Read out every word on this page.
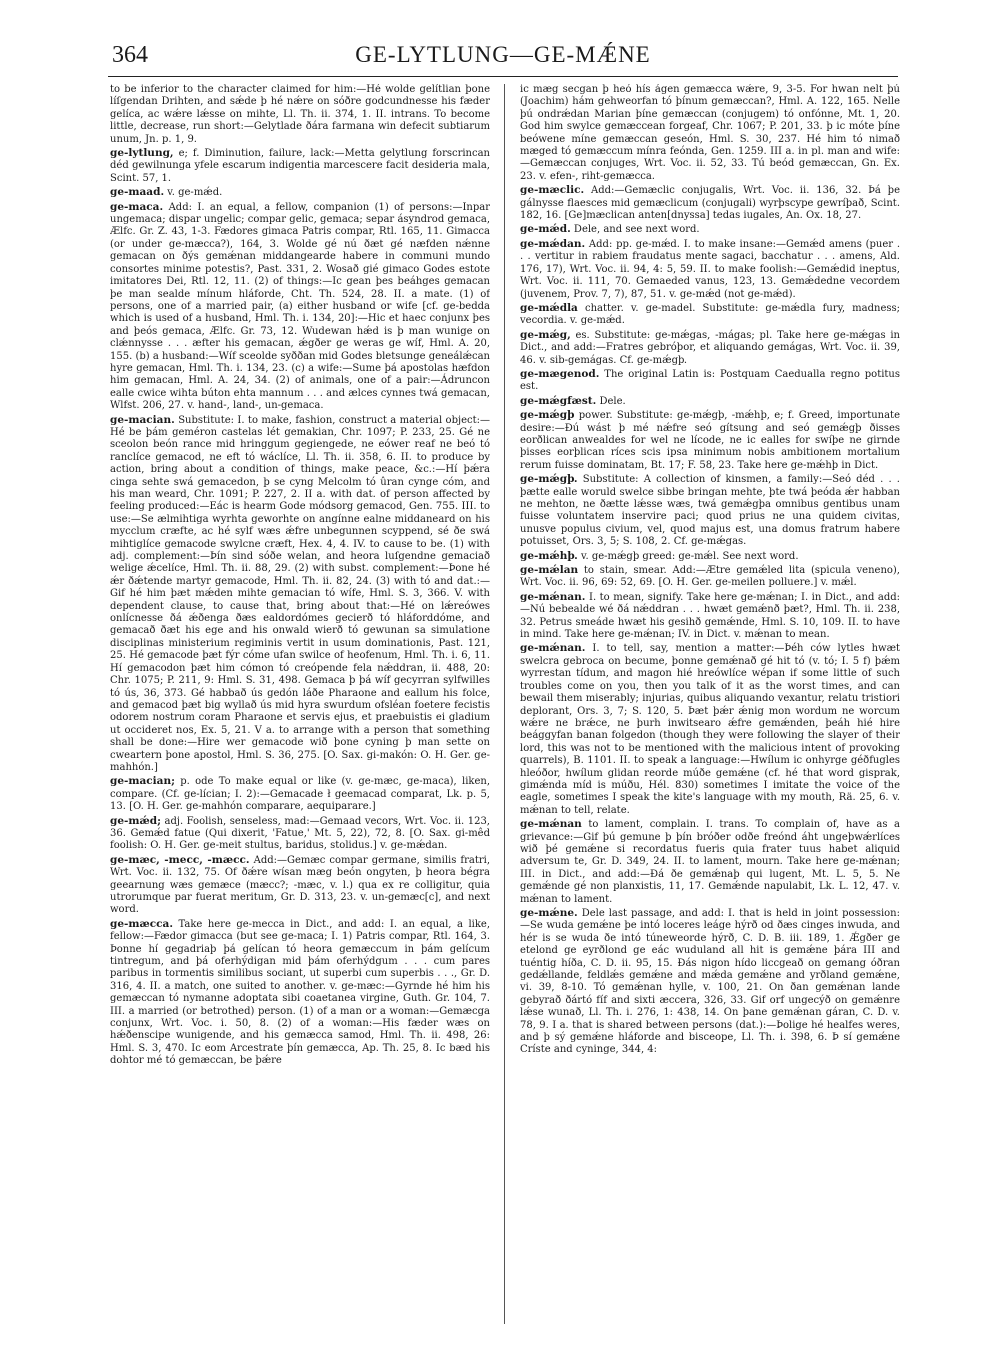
364	GE-LYTLUNG—GE-MǼNE

to be inferior to the character claimed for him:—Hé wolde gelítlian þone líſgendan Drihten, and sǽde þ hé nǽre on sóðre godcundnesse his fæder gelíca, ac wǽre lǽsse on mihte, Ll. Th. ii. 374, 1. II. intrans. To become little, decrease, run short:—Gelytlade ðára farmana win defecit subtiarum unum, Jn. p. 1, 9.

ge-lytlung, e; f. Diminution, failure, lack:—Metta gelytlung forscrincan déd gewilnunga yfele escarum indigentia marcescere facit desideria mala, Scint. 57, 1.

ge-maad. v. ge-mǽd.

ge-maca. Add: I. an equal, a fellow, companion (1) of persons:—Inpar ungemaca; dispar ungelic; compar gelic, gemaca; separ ásyndrod gemaca, Ælfc. Gr. Z. 43, 1-3. Fædores gimaca Patris compar, Rtl. 165, 11. Gimacca (or under ge-mæcca?), 164, 3. Wolde gé nú ðæt gé næfden nǽnne gemacan on ðýs gemǽnan middangearde habere in communi mundo consortes minime potestis?, Past. 331, 2. Wosað gié gimaco Godes estote imitatores Dei, Rtl. 12, 11. (2) of things:—Ic gean þes beáhges gemacan þe man sealde mínum hláforde, Cht. Th. 524, 28. II. a mate. (1) of persons, one of a married pair, (a) either husband or wife [cf. ge-bedda which is used of a husband, Hml. Th. i. 134, 20]:—Hic et haec conjunx þes and þeós gemaca, Ælfc. Gr. 73, 12. Wudewan hǽd is þ man wunige on clǽnnysse . . . æfter his gemacan, ǽgðer ge weras ge wíf, Hml. A. 20, 155. (b) a husband:—Wíf sceolde syððan mid Godes bletsunge geneálǽcan hyre gemacan, Hml. Th. i. 134, 23. (c) a wife:—Sume þá apostolas hæfdon him gemacan, Hml. A. 24, 34. (2) of animals, one of a pair:—Ádruncon ealle cwice wihta búton ehta mannum . . . and ælces cynnes twá gemacan, Wlfst. 206, 27. v. hand-, land-, un-gemaca.

ge-macian. Substitute: I. to make, fashion, construct a material object:—Hé be þám geméron castelas lét gemakian, Chr. 1097; P. 233, 25. Gé ne sceolon beón rance mid hringgum gegiengede, ne eówer reaf ne beó tó ranclíce gemacod, ne eft tó wáclíce, Ll. Th. ii. 358, 6. II. to produce by action, bring about a condition of things, make peace, &c.:—Hí þǽra cinga sehte swá gemacedon, þ se cyng Melcolm tó ûran cynge cóm, and his man weard, Chr. 1091; P. 227, 2. II a. with dat. of person affected by feeling produced:—Eác is hearm Gode módsorg gemacod, Gen. 755. III. to use:—Se ælmihtiga wyrhta geworhte on angínne ealne middaneard on his mycclum cræfte, ac hé sylf wæs ǽfre unbegunnen scyppend, sé ðe swá mihtiglíce gemacode swylcne cræft, Hex. 4, 4. IV. to cause to be. (1) with adj. complement:—Þín sind sóðe welan, and heora luſgendne gemaciað welige ǽcelíce, Hml. Th. ii. 88, 29. (2) with subst. complement:—Þone hé ǽr ðǽtende martyr gemacode, Hml. Th. ii. 82, 24. (3) with tó and dat.:—Gif hé him þæt mǽden mihte gemacian tó wífe, Hml. S. 3, 366. V. with dependent clause, to cause that, bring about that:—Hé on lǽreówes onlícnesse ðá ǽðenga ðæs ealdordómes gecierð tó hláforddóme, and gemacað ðæt his ege and his onwald wierð tó gewunan sa simulatione disciplinas ministerium regiminis vertit in usum dominationis, Past. 121, 25. Hé gemacode þæt fýr cóme ufan swilce of heofenum, Hml. Th. i. 6, 11. Hí gemacodon þæt him cómon tó creópende fela nǽddran, ii. 488, 20: Chr. 1075; P. 211, 9: Hml. S. 31, 498. Gemaca þ þá wíf gecyrran sylfwilles tó ús, 36, 373. Gé habbað ús gedón láðe Pharaone and eallum his folce, and gemacod þæt big wyllað ús mid hyra swurdum ofsléan foetere fecistis odorem nostrum coram Pharaone et servis ejus, et praebuistis ei gladium ut occideret nos, Ex. 5, 21. V a. to arrange with a person that something shall be done:—Hire wer gemacode wið þone cyning þ man sette on cweartern þone apostol, Hml. S. 36, 275. [O. Sax. gi-makón: O. H. Ger. ge-mahhón.]

ge-macian; p. ode To make equal or like (v. ge-mæc, ge-maca), liken, compare. (Cf. ge-lícian; I. 2):—Gemacade ł geemacad comparat, Lk. p. 5, 13. [O. H. Ger. ge-mahhón comparare, aequiparare.]

ge-mǽd; adj. Foolish, senseless, mad:—Gemaad vecors, Wrt. Voc. ii. 123, 36. Gemǽd fatue (Qui dixerit, 'Fatue,' Mt. 5, 22), 72, 8. [O. Sax. gi-mêd foolish: O. H. Ger. ge-meit stultus, baridus, stolidus.] v. ge-mǽdan.

ge-mæc, -mecc, -mæcc. Add:—Gemæc compar germane, similis fratri, Wrt. Voc. ii. 132, 75. Of ðǽre wísan mæg beón ongyten, þ heora bégra geearnung wæs gemæce (mæcc?; -mæc, v. l.) qua ex re colligitur, quia utrorumque par fuerat meritum, Gr. D. 313, 23. v. un-gemæc[c], and next word.

ge-mæcca. Take here ge-mecca in Dict., and add: I. an equal, a like, fellow:—Fædor gimacca (but see ge-maca; I. 1) Patris compar, Rtl. 164, 3. Þonne hí gegadriaþ þá gelícan tó heora gemæccum in þám gelícum tintregum, and þá oferhýdigan mid þám oferhýdgum . . . cum pares paribus in tormentis similibus sociant, ut superbi cum superbis . . ., Gr. D. 316, 4. II. a match, one suited to another. v. ge-mæc:—Gyrnde hé him his gemæccan tó nymanne adoptata sibi coaetanea virgine, Guth. Gr. 104, 7. III. a married (or betrothed) person. (1) of a man or a woman:—Gemæcga conjunx, Wrt. Voc. i. 50, 8. (2) of a woman:—His fæder wæs on hǽðenscipe wunigende, and his gemæcca samod, Hml. Th. ii. 498, 26: Hml. S. 3, 470. Ic eom Arcestrate þín gemæcca, Ap. Th. 25, 8. Ic bæd his dohtor mé tó gemæccan, be þǽre

ic mæg secgan þ heó hís ágen gemæcca wǽre, 9, 3-5. For hwan nelt þú (Joachim) hám gehweorfan tó þínum gemæccan?, Hml. A. 122, 165. Nelle þú ondrǽdan Marian þíne gemæccan (conjugem) tó onfónne, Mt. 1, 20. God him swylce gemæccean forgeaf, Chr. 1067; P. 201, 33. þ ic móte þíne beówene míne gemæccan geseón, Hml. S. 30, 237. Hé him tó nimað mæged tó gemæccum mínra feónda, Gen. 1259. III a. in pl. man and wife:—Gemæccan conjuges, Wrt. Voc. ii. 52, 33. Tú beód gemæccan, Gn. Ex. 23. v. efen-, riht-gemæcca.

ge-mæclic. Add:—Gemæclic conjugalis, Wrt. Voc. ii. 136, 32. Þá þe gálnysse flaesces mid gemæclicum (conjugali) wyrþscype gewríþað, Scint. 182, 16. [Ge]mæclican anten[dnyssa] tedas iugales, An. Ox. 18, 27.

ge-mǽd. Dele, and see next word.

ge-mǽdan. Add: pp. ge-mǽd. I. to make insane:—Gemǽd amens (puer . . . vertitur in rabiem fraudatus mente sagaci, bacchatur . . . amens, Ald. 176, 17), Wrt. Voc. ii. 94, 4: 5, 59. II. to make foolish:—Gemǽdid ineptus, Wrt. Voc. ii. 111, 70. Gemaeded vanus, 123, 13. Gemǽdedne vecordem (juvenem, Prov. 7, 7), 87, 51. v. ge-mǽd (not ge-mǽd).

ge-mǽdla chatter. v. ge-madel. Substitute: ge-mǽdla fury, madness; vecordia. v. ge-mǽd.

ge-mǽg, es. Substitute: ge-mǽgas, -mágas; pl. Take here ge-mǽgas in Dict., and add:—Fratres gebróþor, et aliquando gemágas, Wrt. Voc. ii. 39, 46. v. sib-gemágas. Cf. ge-mǽgþ.

ge-mægenod. The original Latin is: Postquam Caedualla regno potitus est.

ge-mǽgfæst. Dele.

ge-mǽgþ power. Substitute: ge-mǽgþ, -mǽhþ, e; f. Greed, importunate desire:—Ðú wást þ mé nǽfre seó gítsung and seó gemǽgþ ðisses eorðlican anwealdes for wel ne lícode, ne ic ealles for swíþe ne girnde þisses eorþlican ríces scis ipsa minimum nobis ambitionem mortalium rerum fuisse dominatam, Bt. 17; F. 58, 23. Take here ge-mǽhþ in Dict.

ge-mǽgþ. Substitute: A collection of kinsmen, a family:—Seó déd . . . þætte ealle woruld swelce sibbe bringan mehte, þte twá þeóda ǽr habban ne mehton, ne ðætte lǽsse wæs, twá gemǽgþa omnibus gentibus unam fuisse voluntatem inservire paci; quod prius ne una quidem civitas, unusve populus civium, vel, quod majus est, una domus fratrum habere potuisset, Ors. 3, 5; S. 108, 2. Cf. ge-mǽgas.

ge-mǽhþ. v. ge-mǽgþ greed: ge-mǽl. See next word.

ge-mǽlan to stain, smear. Add:—Ætre gemǽled lita (spicula veneno), Wrt. Voc. ii. 96, 69: 52, 69. [O. H. Ger. ge-meilen polluere.] v. mǽl.

ge-mǽnan. I. to mean, signify. Take here ge-mǽnan; I. in Dict., and add:—Nú bebealde wé ðá nǽddran . . . hwæt gemǽnð þæt?, Hml. Th. ii. 238, 32. Petrus smeáde hwæt his gesihð gemǽnde, Hml. S. 10, 109. II. to have in mind. Take here ge-mǽnan; IV. in Dict. v. mǽnan to mean.

ge-mǽnan. I. to tell, say, mention a matter:—Þéh ców lytles hwæt swelcra gebroca on becume, þonne gemǽnað gé hit tó (v. tó; I. 5 f) þǽm wyrrestan tídum, and magon hié hreówlíce wépan if some little of such troubles come on you, then you talk of it as the worst times, and can bewail them miserably; injurias, quibus aliquando vexantur, relatu tristiori deplorant, Ors. 3, 7; S. 120, 5. Þæt þǽr ǽnig mon wordum ne worcum wǽre ne brǽce, ne þurh inwitsearo ǽfre gemǽnden, þeáh hié hire beággyfan banan folgedon (though they were following the slayer of their lord, this was not to be mentioned with the malicious intent of provoking quarrels), B. 1101. II. to speak a language:—Hwílum ic onhyrge géðfugles hleóðor, hwílum glidan reorde múðe gemǽne (cf. hé that word gisprak, gimǽnda míd is múðu, Hél. 830) sometimes I imitate the voice of the eagle, sometimes I speak the kite's language with my mouth, Rä. 25, 6. v. mǽnan to tell, relate.

ge-mǽnan to lament, complain. I. trans. To complain of, have as a grievance:—Gif þú gemune þ þín bróðer odðe freónd áht ungeþwǽrlíces wið þé gemǽne si recordatus fueris quia frater tuus habet aliquid adversum te, Gr. D. 349, 24. II. to lament, mourn. Take here ge-mǽnan; III. in Dict., and add:—Ðá ðe gemǽnaþ qui lugent, Mt. L. 5, 5. Ne gemǽnde gé non planxistis, 11, 17. Gemǽnde napulabit, Lk. L. 12, 47. v. mǽnan to lament.

ge-mǽne. Dele last passage, and add: I. that is held in joint possession:—Se wuda gemǽne þe intó loceres leáge hýrð od ðæs cinges inwuda, and hér is se wuda ðe intó túneweorde hýrð, C. D. B. iii. 189, 1. Ǽgðer ge etelond ge eyrðlond ge eác wuduland all hit is gemǽne þára III and tuéntig híða, C. D. ii. 95, 15. Ðás nigon hído liccgeað on gemang óðran gedǽllande, feldlǽs gemǽne and mǽda gemǽne and yrðland gemǽne, vi. 39, 8-10. Tó gemǽnan hylle, v. 100, 21. On ðan gemǽnan lande gebyrað ðártó fíf and sixti æccera, 326, 33. Gif orf ungecýð on gemǽnre lǽse wunað, Ll. Th. i. 276, 1: 438, 14. On þane gemǽnan gáran, C. D. v. 78, 9. I a. that is shared between persons (dat.):—Þolige hé healfes weres, and þ sý gemǽne hláforde and bisceope, Ll. Th. i. 398, 6. Þ sí gemǽne Críste and cyninge, 344, 4:
